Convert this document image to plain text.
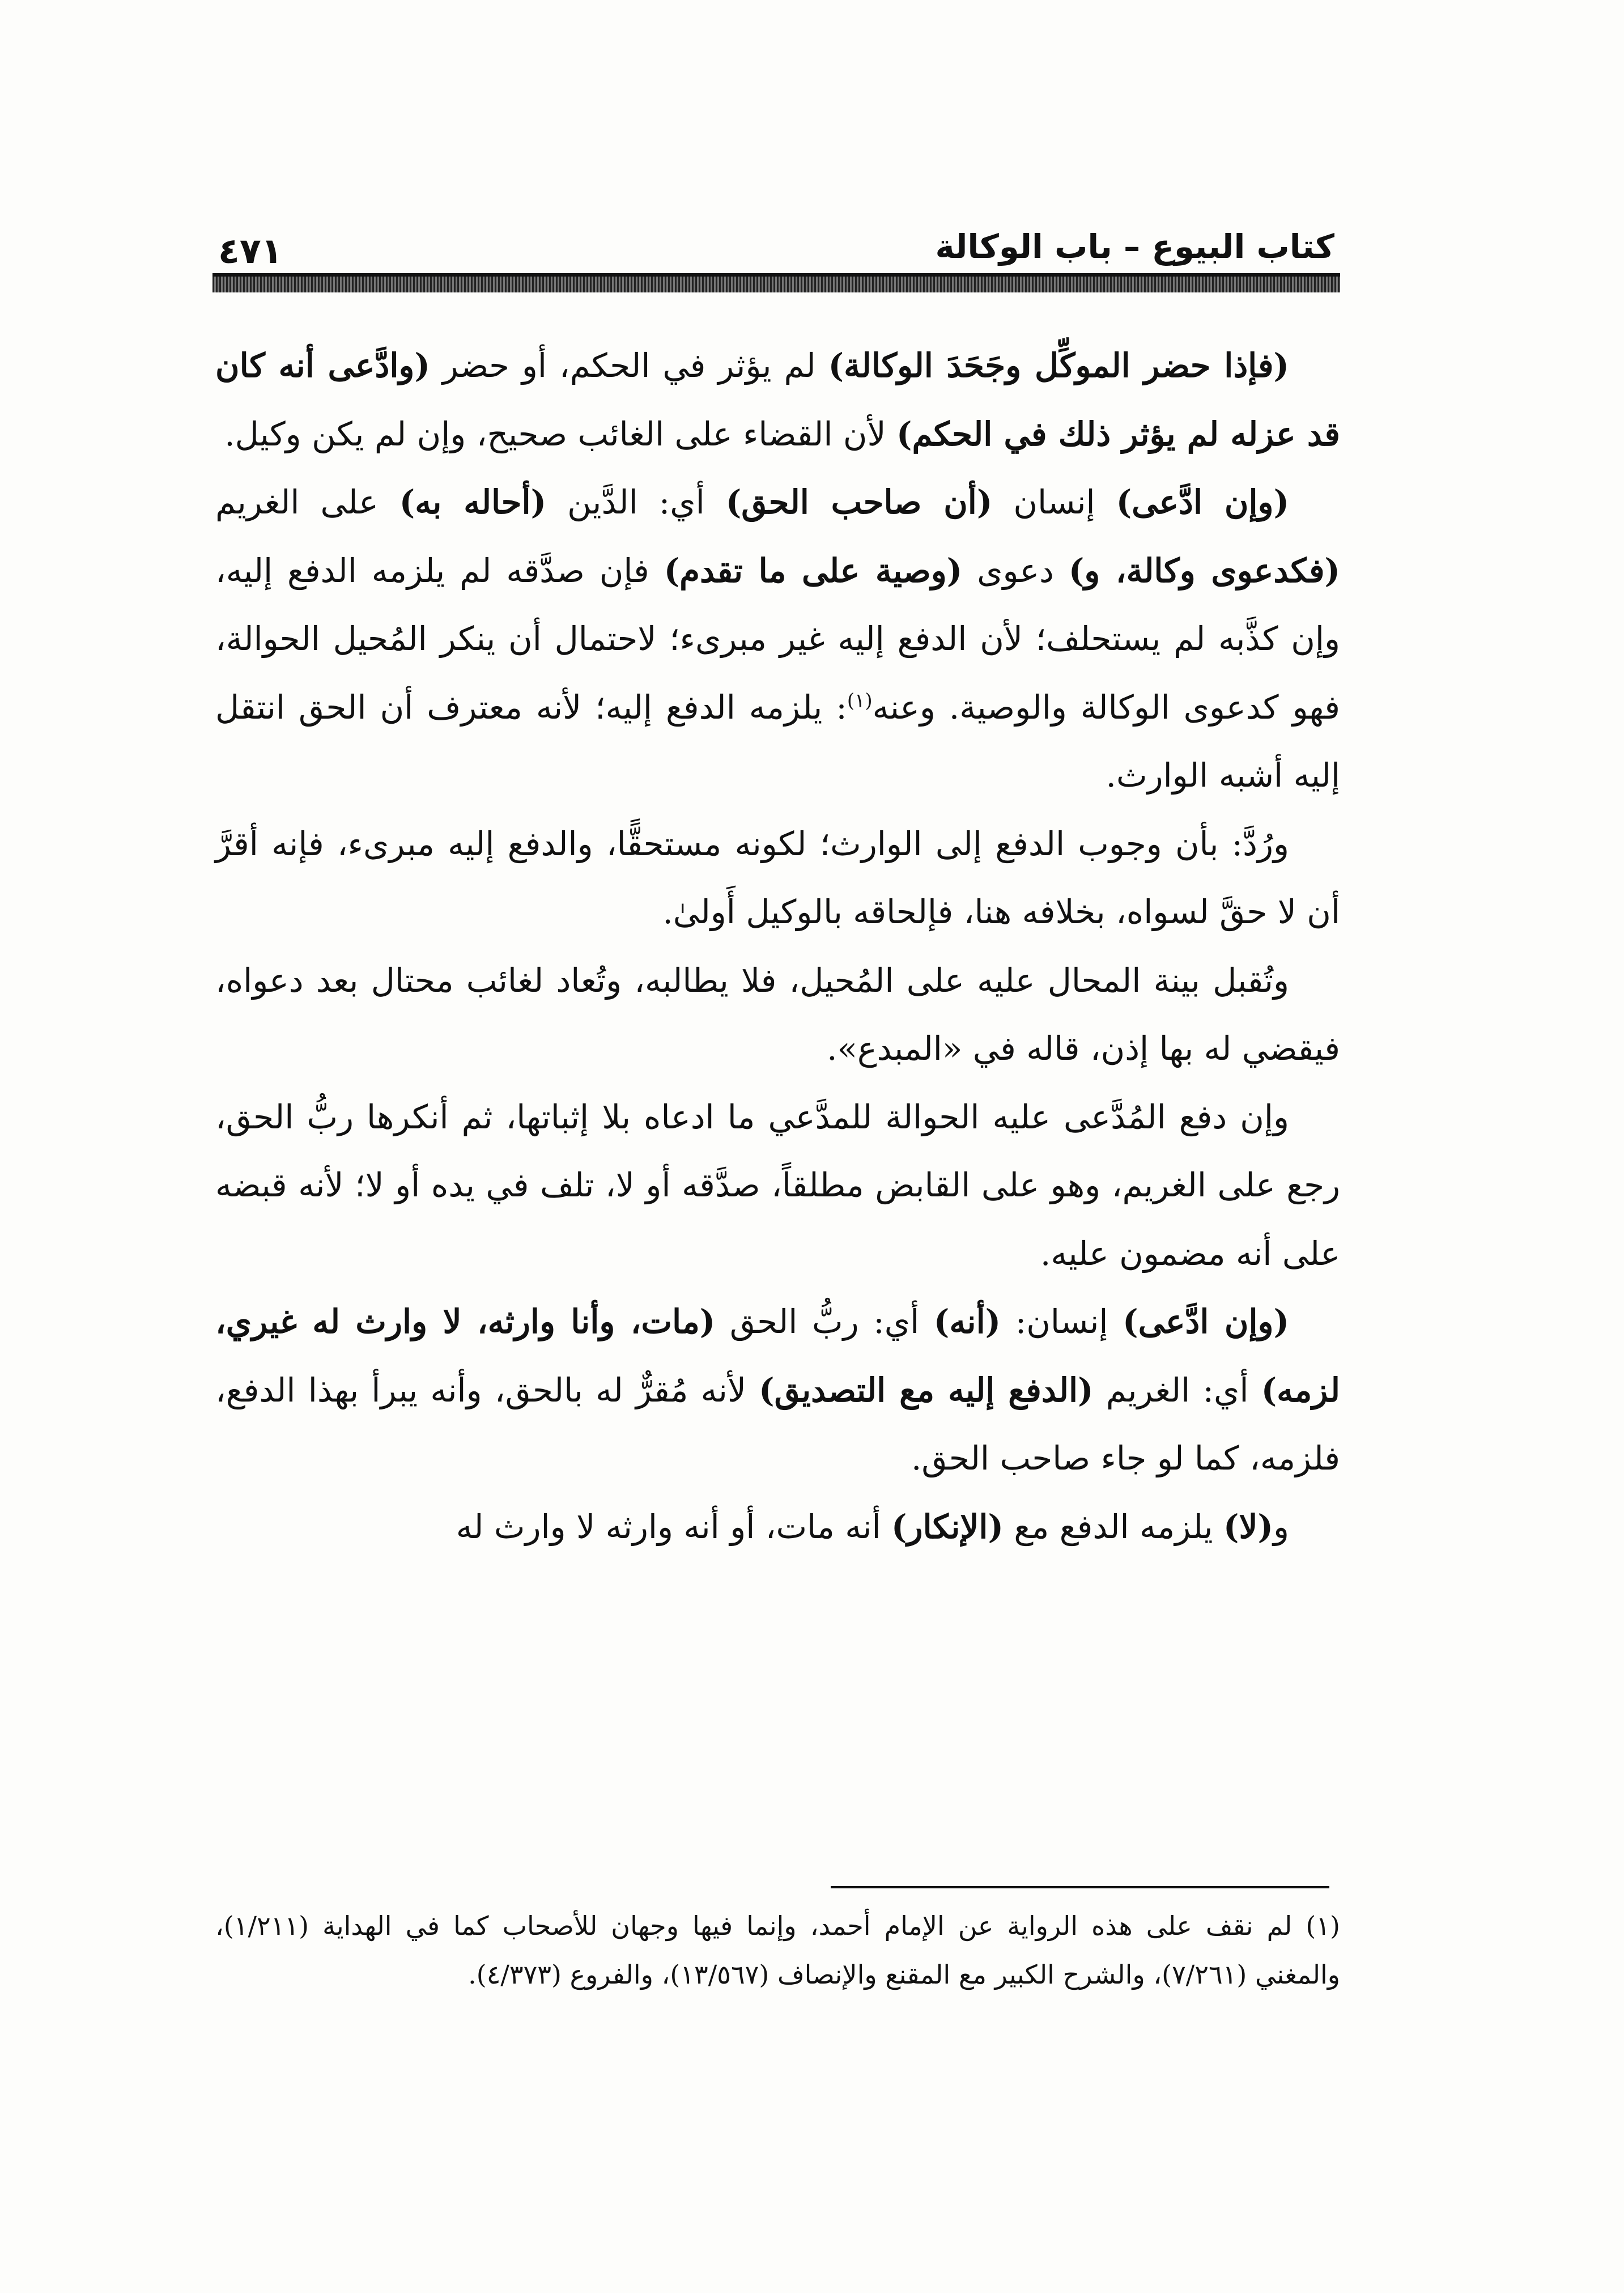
كتاب البيوع – باب الوكالة
٤٧١

(فإذا حضر الموكِّل وجَحَدَ الوكالة) لم يؤثر في الحكم، أو حضر (وادَّعى أنه كان قد عزله لم يؤثر ذلك في الحكم) لأن القضاء على الغائب صحيح، وإن لم يكن وكيل.

(وإن ادَّعى) إنسان (أن صاحب الحق) أي: الدَّين (أحاله به) على الغريم (فكدعوى وكالة، و) دعوى (وصية على ما تقدم) فإن صدَّقه لم يلزمه الدفع إليه، وإن كذَّبه لم يستحلف؛ لأن الدفع إليه غير مبرىء؛ لاحتمال أن ينكر المُحيل الحوالة، فهو كدعوى الوكالة والوصية. وعنه$^{(١)}$: يلزمه الدفع إليه؛ لأنه معترف أن الحق انتقل إليه أشبه الوارث.

ورُدَّ: بأن وجوب الدفع إلى الوارث؛ لكونه مستحقًّا، والدفع إليه مبرىء، فإنه أقرَّ أن لا حقَّ لسواه، بخلافه هنا، فإلحاقه بالوكيل أَولىٰ.

وتُقبل بينة المحال عليه على المُحيل، فلا يطالبه، وتُعاد لغائب محتال بعد دعواه، فيقضي له بها إذن، قاله في «المبدع».

وإن دفع المُدَّعى عليه الحوالة للمدَّعي ما ادعاه بلا إثباتها، ثم أنكرها ربُّ الحق، رجع على الغريم، وهو على القابض مطلقاً، صدَّقه أو لا، تلف في يده أو لا؛ لأنه قبضه على أنه مضمون عليه.

(وإن ادَّعى) إنسان: (أنه) أي: ربُّ الحق (مات، وأنا وارثه، لا وارث له غيري، لزمه) أي: الغريم (الدفع إليه مع التصديق) لأنه مُقرٌّ له بالحق، وأنه يبرأ بهذا الدفع، فلزمه، كما لو جاء صاحب الحق.

و(لا) يلزمه الدفع مع (الإنكار) أنه مات، أو أنه وارثه لا وارث له

(١) لم نقف على هذه الرواية عن الإمام أحمد، وإنما فيها وجهان للأصحاب كما في الهداية (١/٢١١)، والمغني (٧/٢٦١)، والشرح الكبير مع المقنع والإنصاف (١٣/٥٦٧)، والفروع (٤/٣٧٣).
